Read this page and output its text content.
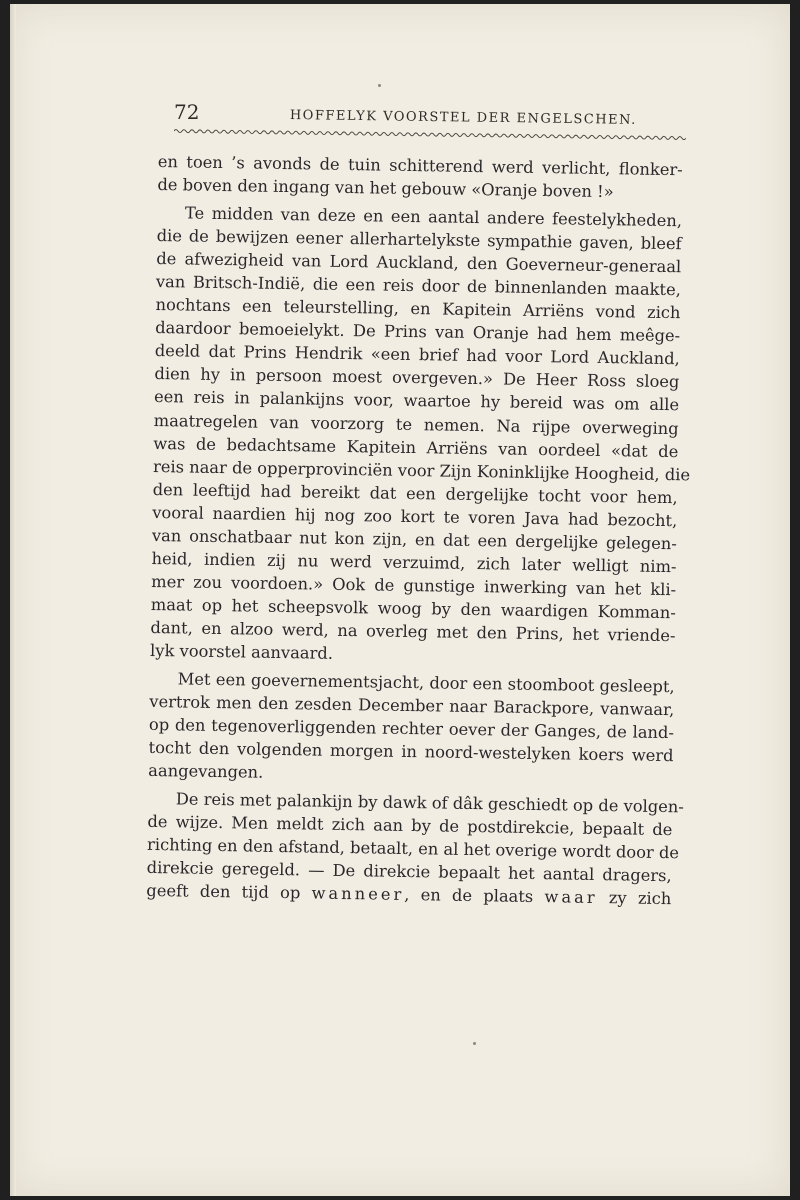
72	HOFFELYK VOORSTEL DER ENGELSCHEN.
en toen ’s avonds de tuin schitterend werd verlicht, flonker-
de boven den ingang van het gebouw «Oranje boven !»
Te midden van deze en een aantal andere feestelykheden,
die de bewijzen eener allerhartelykste sympathie gaven, bleef
de afwezigheid van Lord Auckland, den Goeverneur-generaal
van Britsch-Indië, die een reis door de binnenlanden maakte,
nochtans een teleurstelling, en Kapitein Arriëns vond zich
daardoor bemoeielykt. De Prins van Oranje had hem meêge-
deeld dat Prins Hendrik «een brief had voor Lord Auckland,
dien hy in persoon moest overgeven.» De Heer Ross sloeg
een reis in palankijns voor, waartoe hy bereid was om alle
maatregelen van voorzorg te nemen. Na rijpe overweging
was de bedachtsame Kapitein Arriëns van oordeel «dat de
reis naar de opperprovinciën voor Zijn Koninklijke Hoogheid, die
den leeftijd had bereikt dat een dergelijke tocht voor hem,
vooral naardien hij nog zoo kort te voren Java had bezocht,
van onschatbaar nut kon zijn, en dat een dergelijke gelegen-
heid, indien zij nu werd verzuimd, zich later welligt nim-
mer zou voordoen.» Ook de gunstige inwerking van het kli-
maat op het scheepsvolk woog by den waardigen Komman-
dant, en alzoo werd, na overleg met den Prins, het vriende-
lyk voorstel aanvaard.
Met een goevernementsjacht, door een stoomboot gesleept,
vertrok men den zesden December naar Barackpore, vanwaar,
op den tegenoverliggenden rechter oever der Ganges, de land-
tocht den volgenden morgen in noord-westelyken koers werd
aangevangen.
De reis met palankijn by dawk of dâk geschiedt op de volgen-
de wijze. Men meldt zich aan by de postdirekcie, bepaalt de
richting en den afstand, betaalt, en al het overige wordt door de
direkcie geregeld. — De direkcie bepaalt het aantal dragers,
geeft den tijd op wanneer, en de plaats waar zy zich
